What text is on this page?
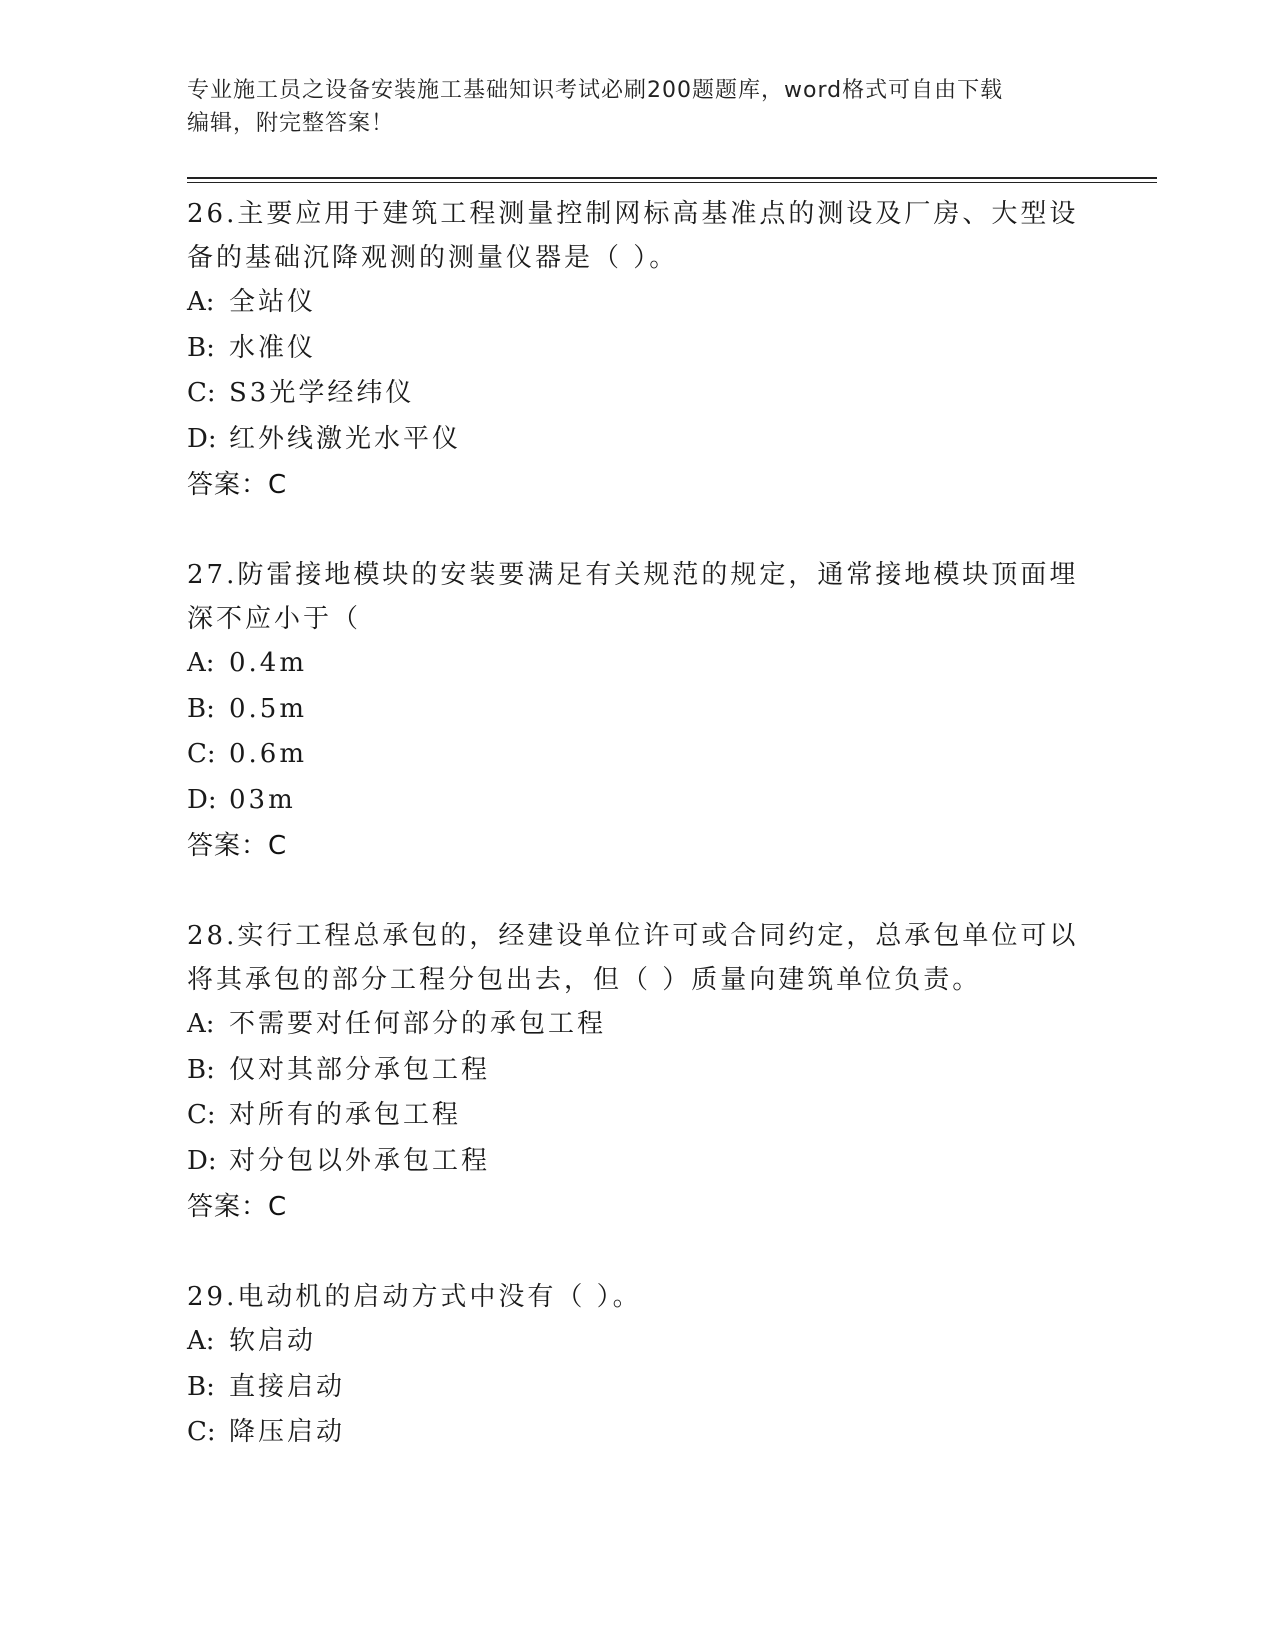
专业施工员之设备安装施工基础知识考试必刷200题题库，word格式可自由下载
编辑，附完整答案！

26.主要应用于建筑工程测量控制网标高基准点的测设及厂房、大型设

备的基础沉降观测的测量仪器是（ ）。

A: 全站仪

B: 水准仪

C: S3光学经纬仪

D: 红外线激光水平仪

答案：C

27.防雷接地模块的安装要满足有关规范的规定，通常接地模块顶面埋

深不应小于（

A: 0.4m

B: 0.5m

C: 0.6m

D: 03m

答案：C

28.实行工程总承包的，经建设单位许可或合同约定，总承包单位可以

将其承包的部分工程分包出去，但（ ）质量向建筑单位负责。

A: 不需要对任何部分的承包工程

B: 仅对其部分承包工程

C: 对所有的承包工程

D: 对分包以外承包工程

答案：C

29.电动机的启动方式中没有（ ）。

A: 软启动

B: 直接启动

C: 降压启动
